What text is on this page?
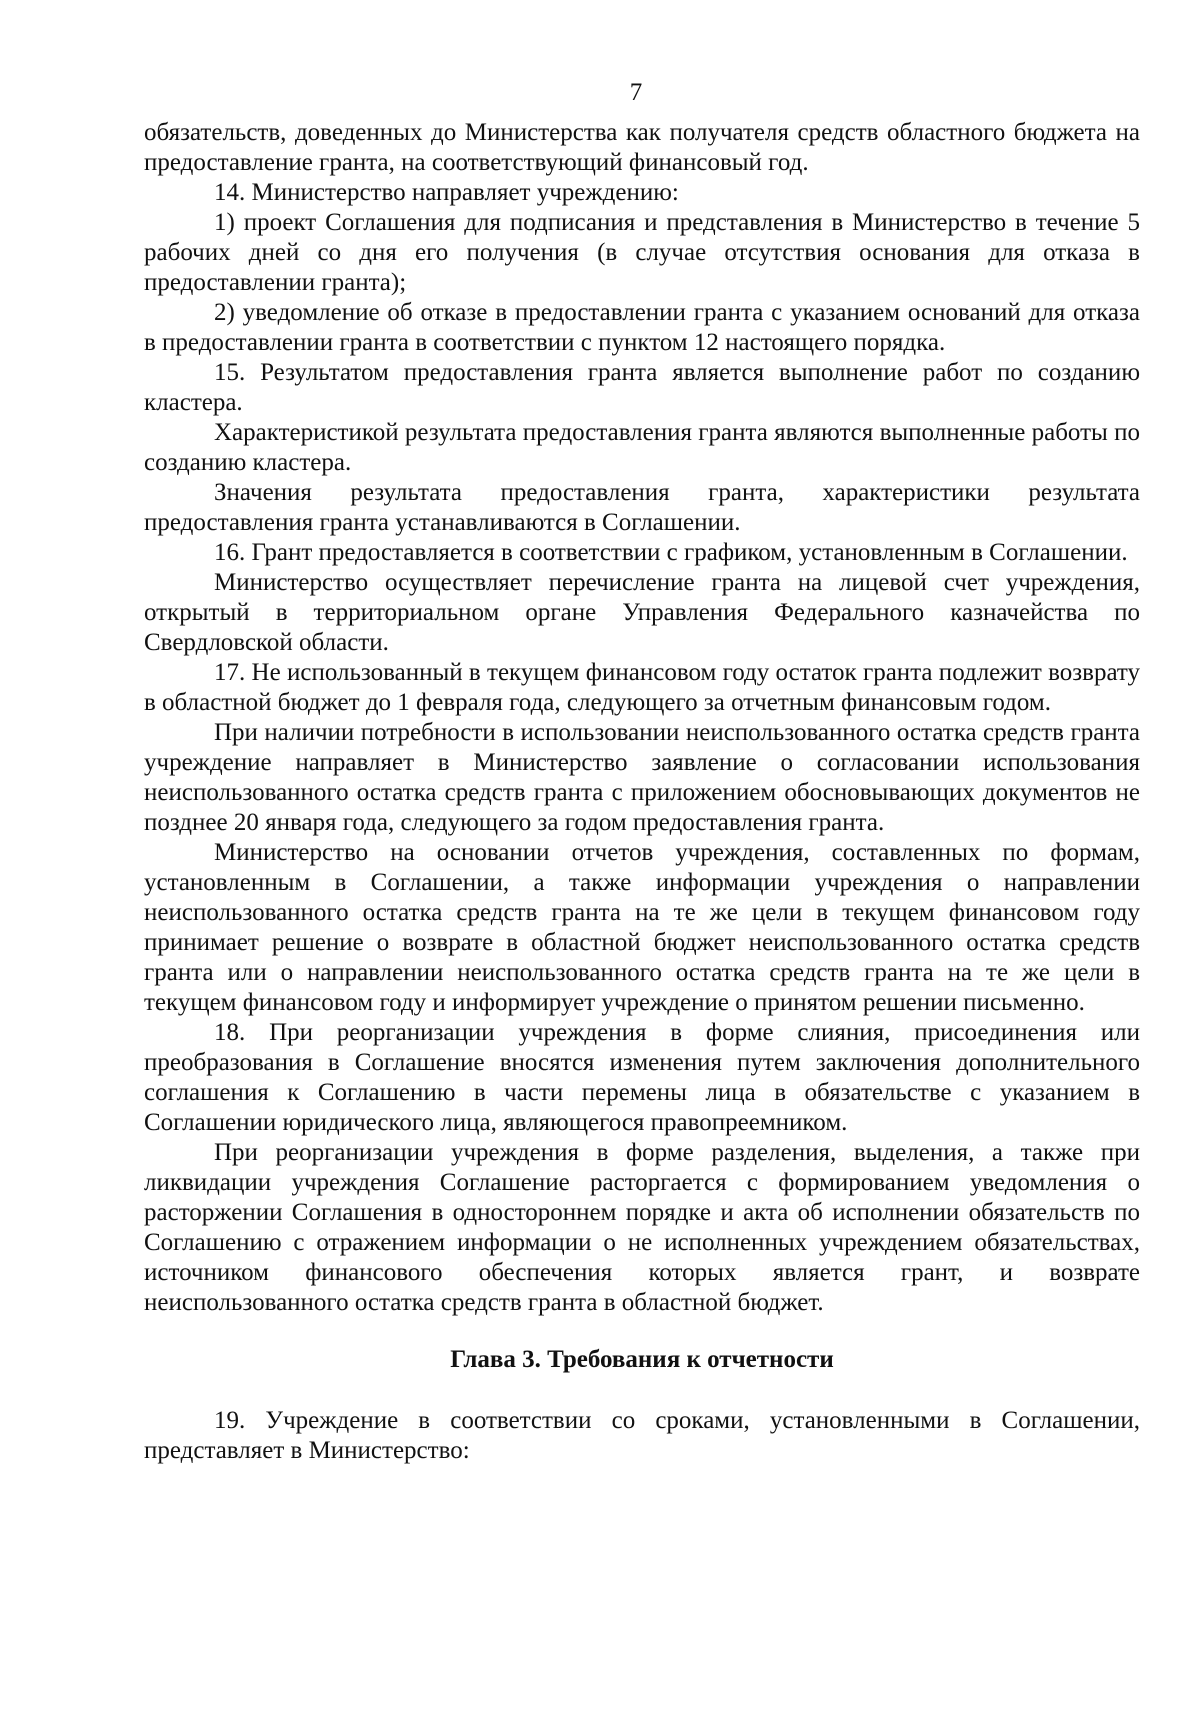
7

обязательств, доведенных до Министерства как получателя средств областного бюджета на предоставление гранта, на соответствующий финансовый год.

14. Министерство направляет учреждению:

1) проект Соглашения для подписания и представления в Министерство в течение 5 рабочих дней со дня его получения (в случае отсутствия основания для отказа в предоставлении гранта);

2) уведомление об отказе в предоставлении гранта с указанием оснований для отказа в предоставлении гранта в соответствии с пунктом 12 настоящего порядка.

15. Результатом предоставления гранта является выполнение работ по созданию кластера.

Характеристикой результата предоставления гранта являются выполненные работы по созданию кластера.

Значения результата предоставления гранта, характеристики результата предоставления гранта устанавливаются в Соглашении.

16. Грант предоставляется в соответствии с графиком, установленным в Соглашении.

Министерство осуществляет перечисление гранта на лицевой счет учреждения, открытый в территориальном органе Управления Федерального казначейства по Свердловской области.

17. Не использованный в текущем финансовом году остаток гранта подлежит возврату в областной бюджет до 1 февраля года, следующего за отчетным финансовым годом.

При наличии потребности в использовании неиспользованного остатка средств гранта учреждение направляет в Министерство заявление о согласовании использования неиспользованного остатка средств гранта с приложением обосновывающих документов не позднее 20 января года, следующего за годом предоставления гранта.

Министерство на основании отчетов учреждения, составленных по формам, установленным в Соглашении, а также информации учреждения о направлении неиспользованного остатка средств гранта на те же цели в текущем финансовом году принимает решение о возврате в областной бюджет неиспользованного остатка средств гранта или о направлении неиспользованного остатка средств гранта на те же цели в текущем финансовом году и информирует учреждение о принятом решении письменно.

18. При реорганизации учреждения в форме слияния, присоединения или преобразования в Соглашение вносятся изменения путем заключения дополнительного соглашения к Соглашению в части перемены лица в обязательстве с указанием в Соглашении юридического лица, являющегося правопреемником.

При реорганизации учреждения в форме разделения, выделения, а также при ликвидации учреждения Соглашение расторгается с формированием уведомления о расторжении Соглашения в одностороннем порядке и акта об исполнении обязательств по Соглашению с отражением информации о не исполненных учреждением обязательствах, источником финансового обеспечения которых является грант, и возврате неиспользованного остатка средств гранта в областной бюджет.

Глава 3. Требования к отчетности

19. Учреждение в соответствии со сроками, установленными в Соглашении, представляет в Министерство:
